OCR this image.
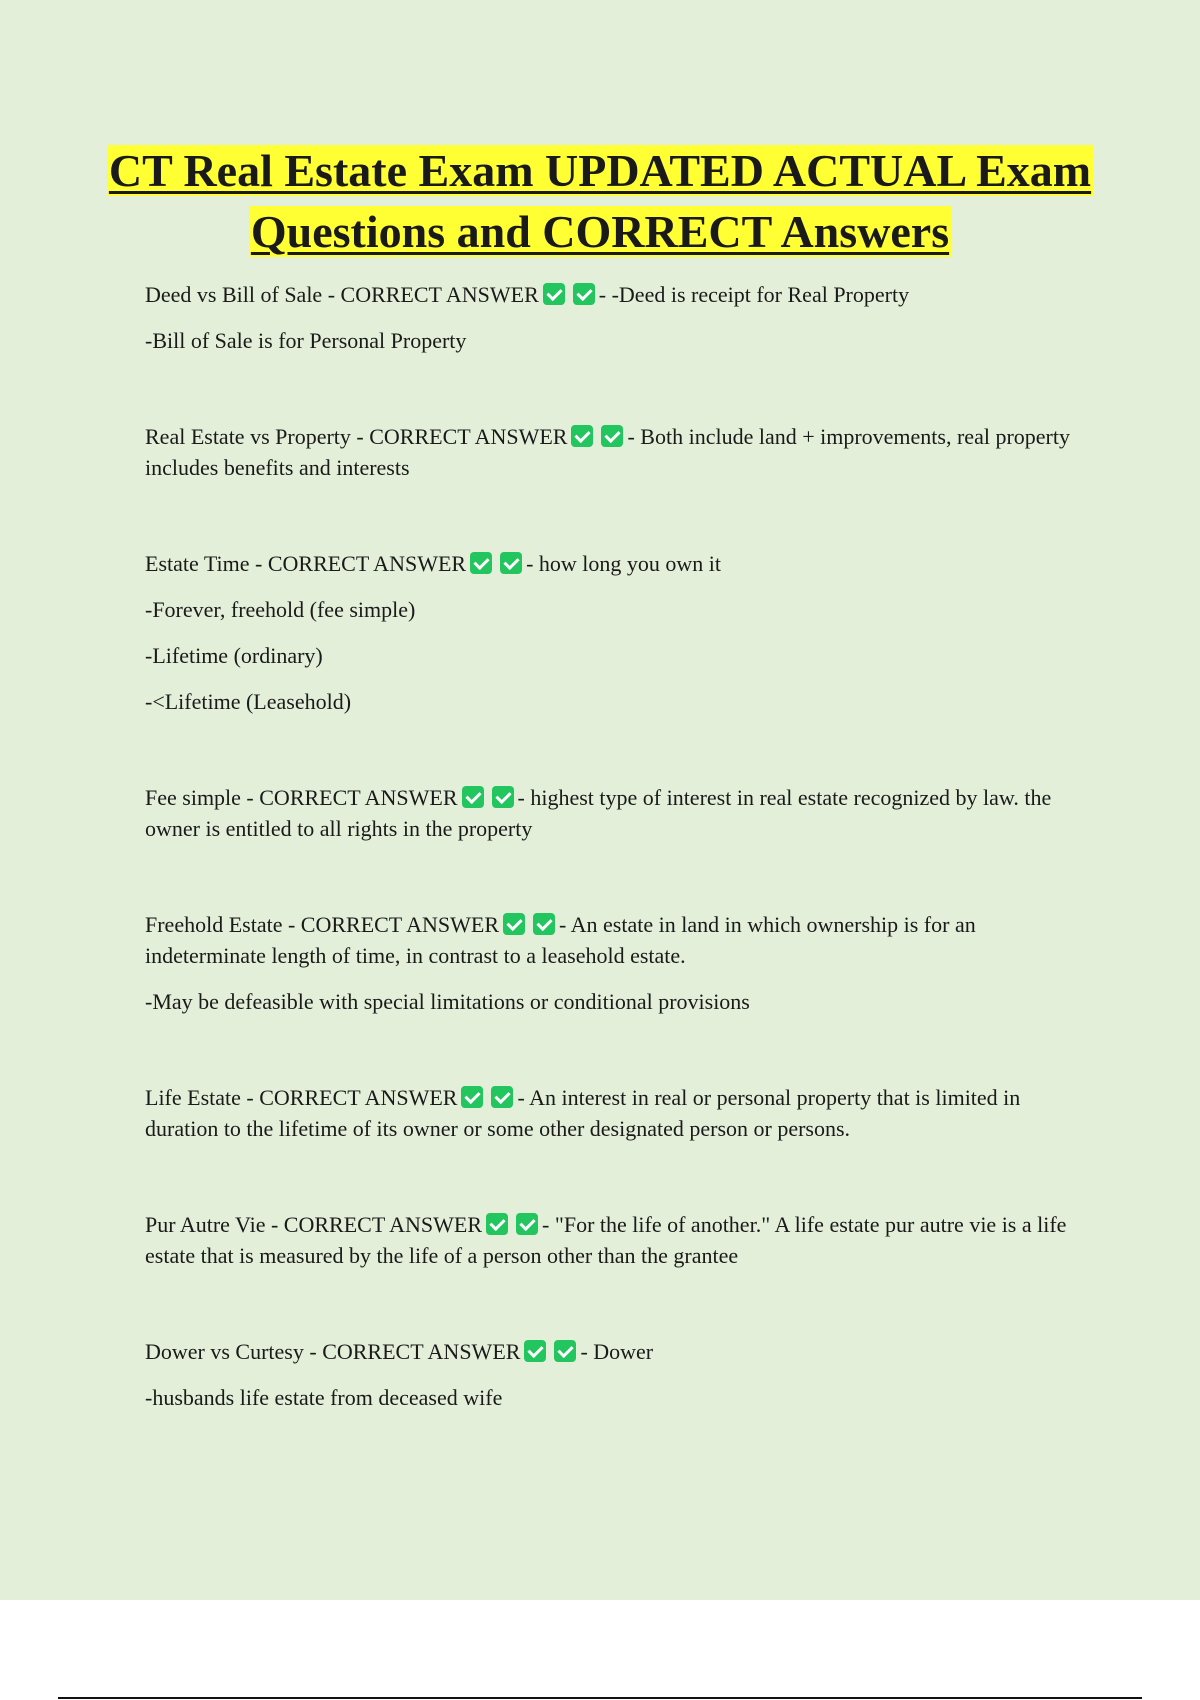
CT Real Estate Exam UPDATED ACTUAL Exam Questions and CORRECT Answers

Deed vs Bill of Sale - CORRECT ANSWER	- -Deed is receipt for Real Property

-Bill of Sale is for Personal Property

Real Estate vs Property - CORRECT ANSWER	- Both include land + improvements, real property includes benefits and interests

Estate Time - CORRECT ANSWER	- how long you own it

-Forever, freehold (fee simple)

-Lifetime (ordinary)

-<Lifetime (Leasehold)

Fee simple - CORRECT ANSWER	- highest type of interest in real estate recognized by law. the owner is entitled to all rights in the property

Freehold Estate - CORRECT ANSWER	- An estate in land in which ownership is for an indeterminate length of time, in contrast to a leasehold estate.

-May be defeasible with special limitations or conditional provisions

Life Estate - CORRECT ANSWER	- An interest in real or personal property that is limited in duration to the lifetime of its owner or some other designated person or persons.

Pur Autre Vie - CORRECT ANSWER	- "For the life of another." A life estate pur autre vie is a life estate that is measured by the life of a person other than the grantee

Dower vs Curtesy - CORRECT ANSWER	- Dower

-husbands life estate from deceased wife
